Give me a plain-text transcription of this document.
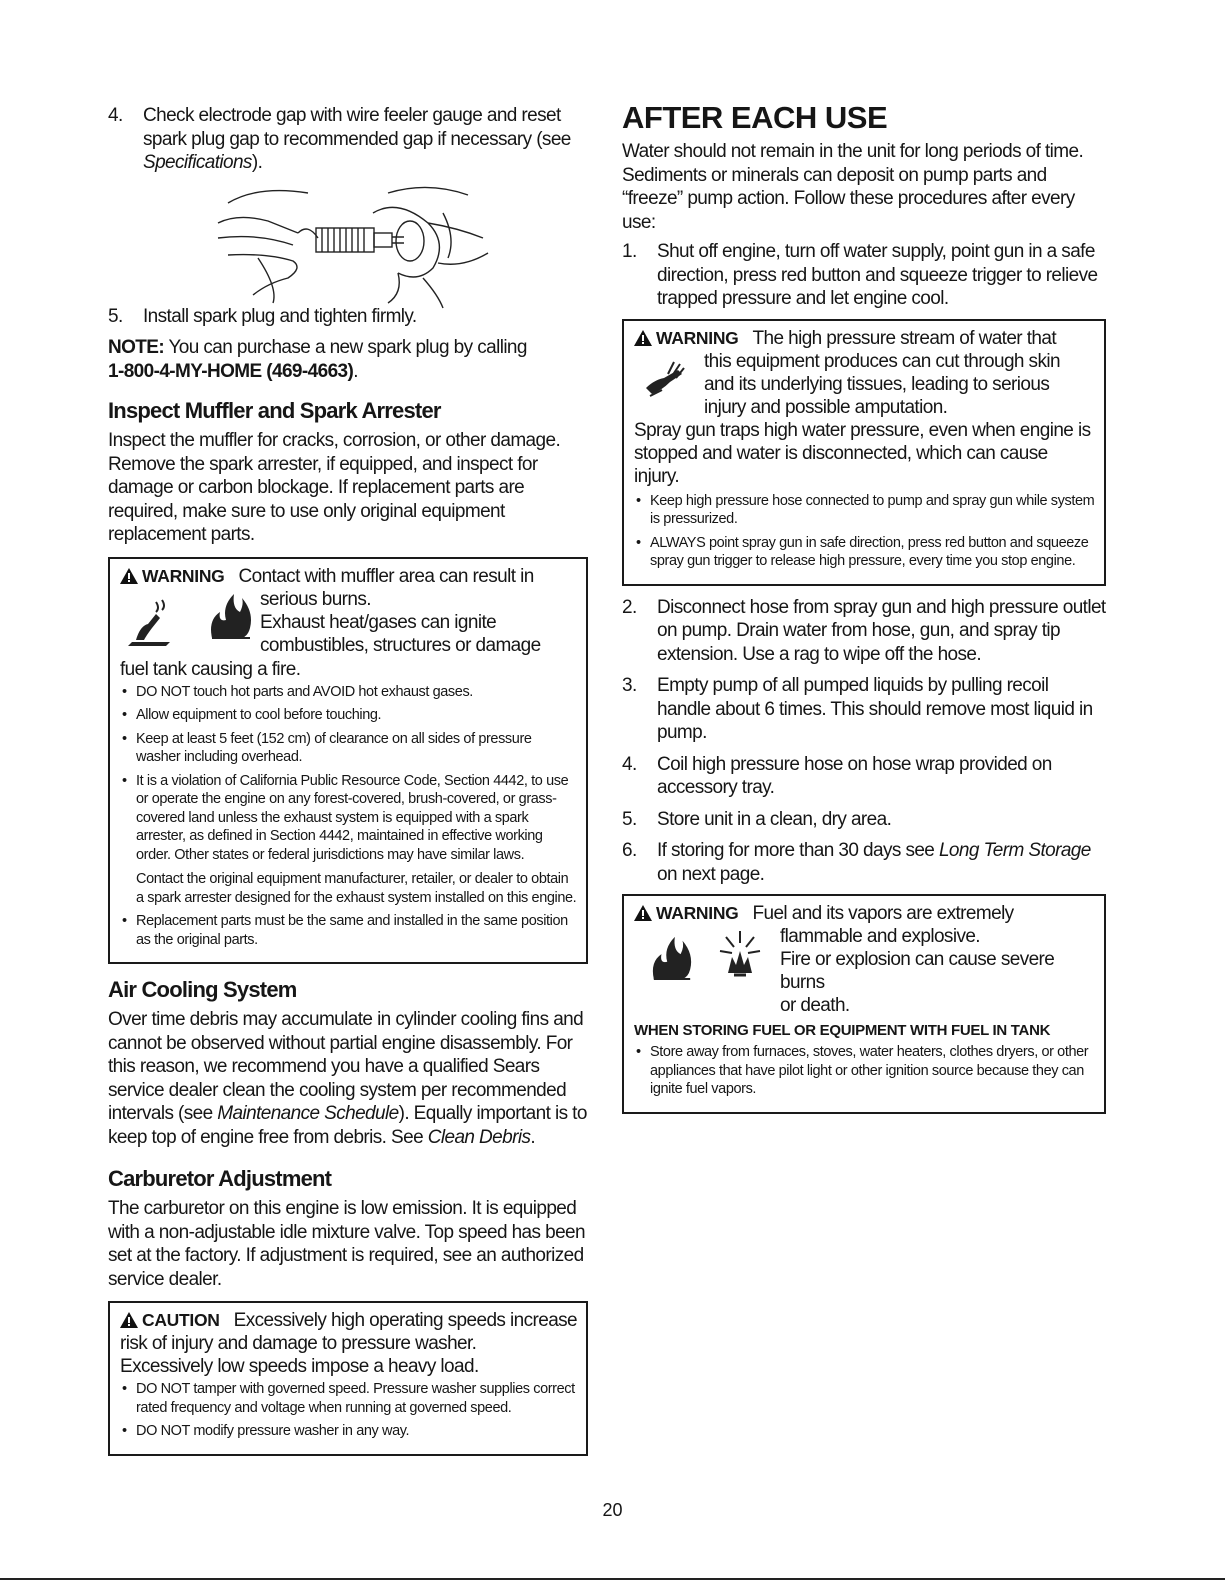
4.	Check electrode gap with wire feeler gauge and reset spark plug gap to recommended gap if necessary (see Specifications).
5.	Install spark plug and tighten firmly.
NOTE: You can purchase a new spark plug by calling
1-800-4-MY-HOME (469-4663).
Inspect Muffler and Spark Arrester
Inspect the muffler for cracks, corrosion, or other damage. Remove the spark arrester, if equipped, and inspect for damage or carbon blockage. If replacement parts are required, make sure to use only original equipment replacement parts.
WARNING Contact with muffler area can result in
serious burns.
Exhaust heat/gases can ignite
combustibles, structures or damage
fuel tank causing a fire.
• DO NOT touch hot parts and AVOID hot exhaust gases.
• Allow equipment to cool before touching.
• Keep at least 5 feet (152 cm) of clearance on all sides of pressure washer including overhead.
• It is a violation of California Public Resource Code, Section 4442, to use or operate the engine on any forest-covered, brush-covered, or grass-covered land unless the exhaust system is equipped with a spark arrester, as defined in Section 4442, maintained in effective working order. Other states or federal jurisdictions may have similar laws.
Contact the original equipment manufacturer, retailer, or dealer to obtain a spark arrester designed for the exhaust system installed on this engine.
• Replacement parts must be the same and installed in the same position as the original parts.
Air Cooling System
Over time debris may accumulate in cylinder cooling fins and cannot be observed without partial engine disassembly. For this reason, we recommend you have a qualified Sears service dealer clean the cooling system per recommended intervals (see Maintenance Schedule). Equally important is to keep top of engine free from debris. See Clean Debris.
Carburetor Adjustment
The carburetor on this engine is low emission. It is equipped with a non-adjustable idle mixture valve. Top speed has been set at the factory. If adjustment is required, see an authorized service dealer.
CAUTION Excessively high operating speeds increase
risk of injury and damage to pressure washer.
Excessively low speeds impose a heavy load.
• DO NOT tamper with governed speed. Pressure washer supplies correct rated frequency and voltage when running at governed speed.
• DO NOT modify pressure washer in any way.
AFTER EACH USE
Water should not remain in the unit for long periods of time. Sediments or minerals can deposit on pump parts and “freeze” pump action. Follow these procedures after every use:
1.	Shut off engine, turn off water supply, point gun in a safe direction, press red button and squeeze trigger to relieve trapped pressure and let engine cool.
WARNING The high pressure stream of water that
this equipment produces can cut through skin
and its underlying tissues, leading to serious
injury and possible amputation.
Spray gun traps high water pressure, even when engine is stopped and water is disconnected, which can cause injury.
• Keep high pressure hose connected to pump and spray gun while system is pressurized.
• ALWAYS point spray gun in safe direction, press red button and squeeze spray gun trigger to release high pressure, every time you stop engine.
2.	Disconnect hose from spray gun and high pressure outlet on pump. Drain water from hose, gun, and spray tip extension. Use a rag to wipe off the hose.
3.	Empty pump of all pumped liquids by pulling recoil handle about 6 times. This should remove most liquid in pump.
4.	Coil high pressure hose on hose wrap provided on accessory tray.
5.	Store unit in a clean, dry area.
6.	If storing for more than 30 days see Long Term Storage on next page.
WARNING Fuel and its vapors are extremely
flammable and explosive.
Fire or explosion can cause severe burns
or death.
WHEN STORING FUEL OR EQUIPMENT WITH FUEL IN TANK
• Store away from furnaces, stoves, water heaters, clothes dryers, or other appliances that have pilot light or other ignition source because they can ignite fuel vapors.
20
